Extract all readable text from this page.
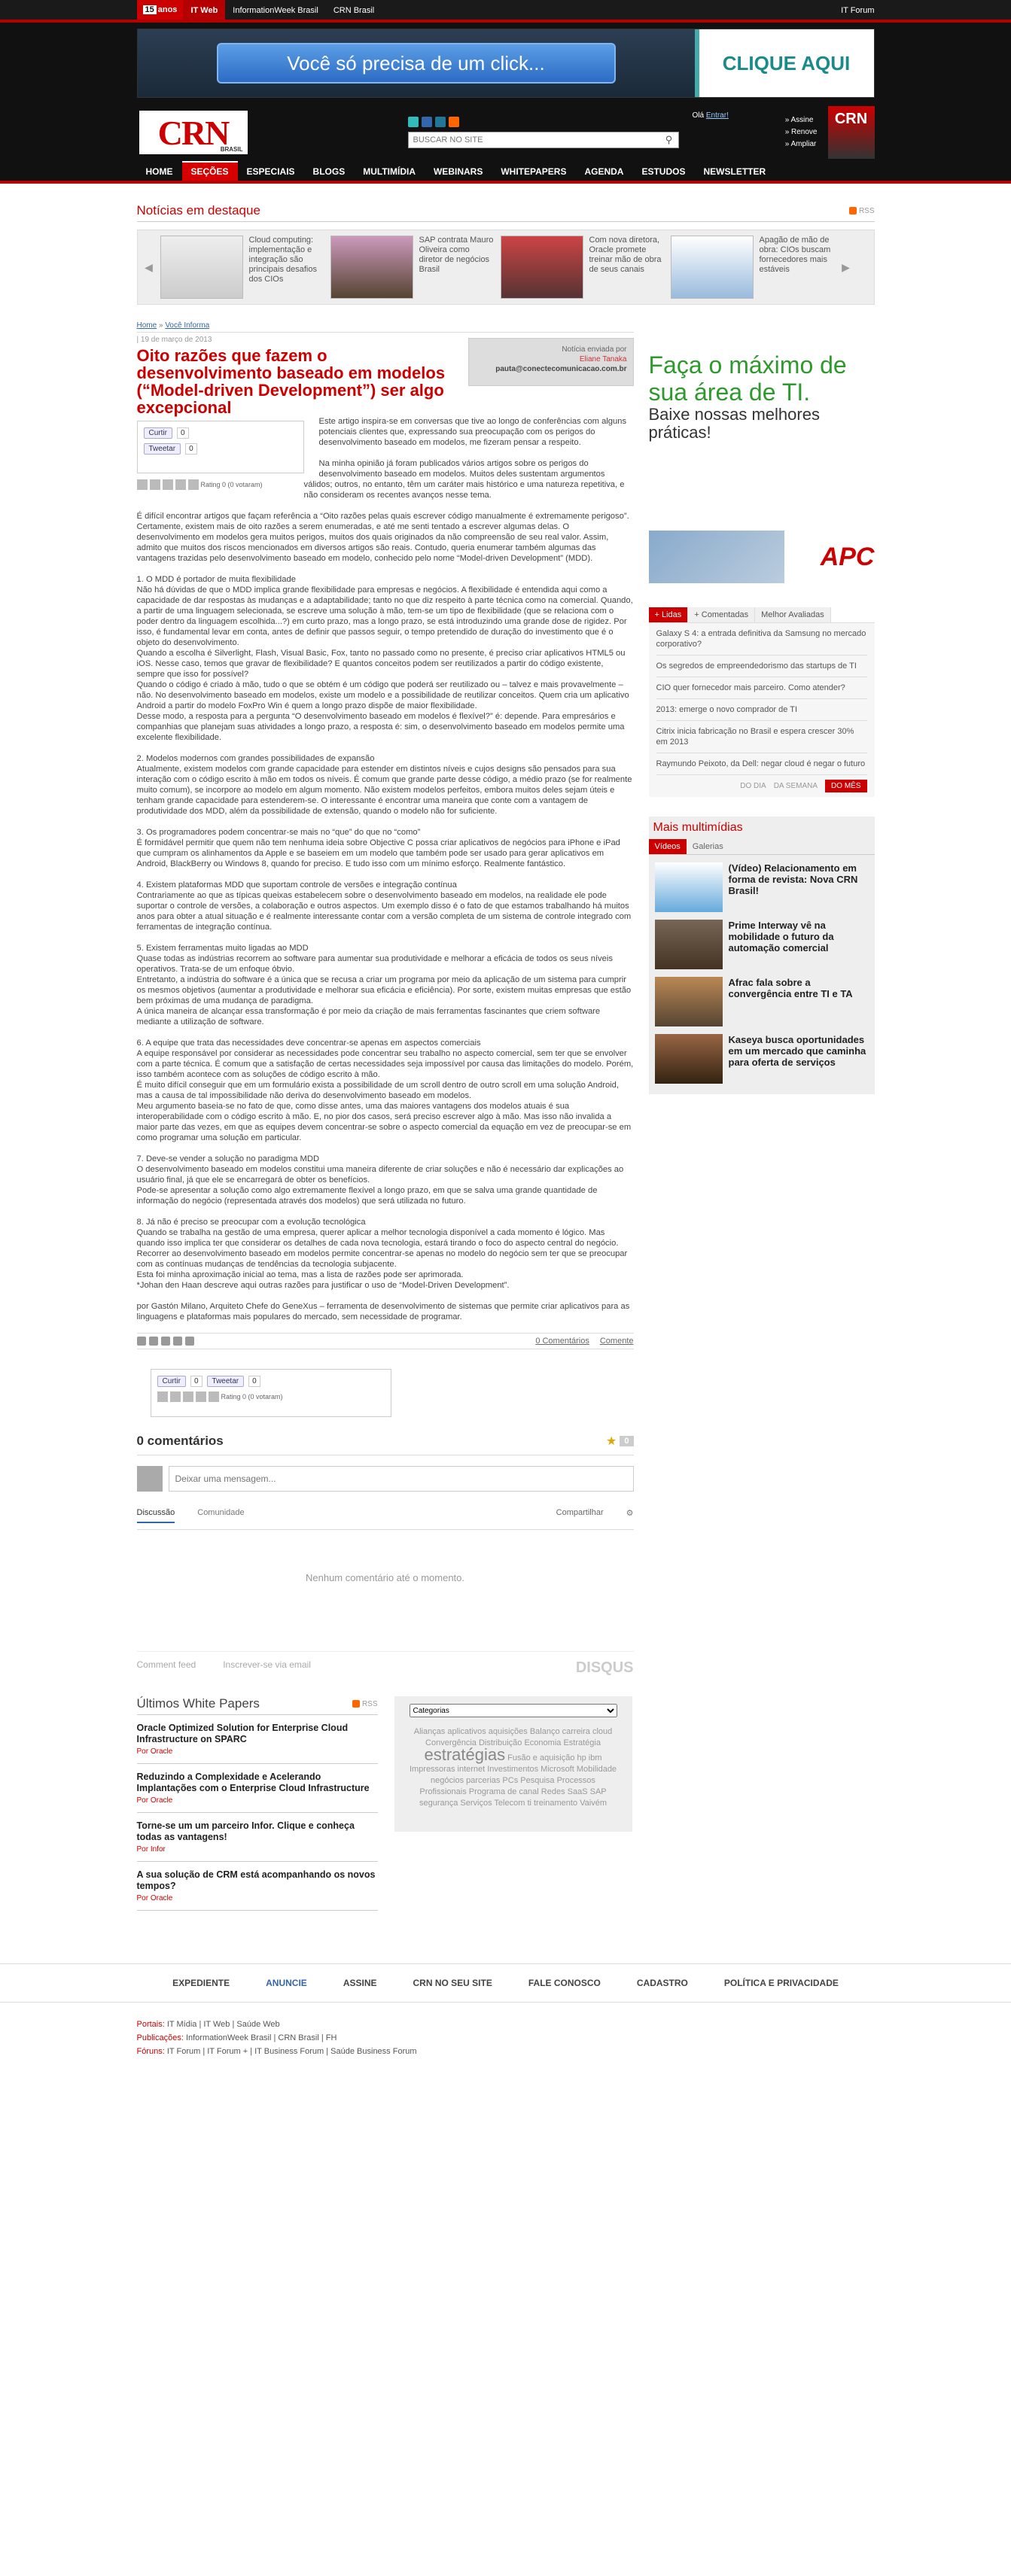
15 anos	IT Web	InformationWeek Brasil	CRN Brasil	IT Forum
Você só precisa de um click...	CLIQUE AQUI
CRN
BRASIL
BUSCAR NO SITE
⚲
Olá Entrar!
» Assine
» Renove
» Ampliar
CRN
HOME	SEÇÕES	ESPECIAIS	BLOGS	MULTIMÍDIA	WEBINARS	WHITEPAPERS	AGENDA	ESTUDOS	NEWSLETTER
Notícias em destaque	RSS
◀

Cloud computing: implementação e integração são principais desafios dos CIOs

SAP contrata Mauro Oliveira como diretor de negócios Brasil

Com nova diretora, Oracle promete treinar mão de obra de seus canais

Apagão de mão de obra: CIOs buscam fornecedores mais estáveis	▶
Home » Você Informa
| 19 de março de 2013
Oito razões que fazem o desenvolvimento baseado em modelos (“Model-driven Development”) ser algo excepcional
Notícia enviada por
Eliane Tanaka
pauta@conectecomunicacao.com.br
Curtir	0
Tweetar	0

Este artigo inspira-se em conversas que tive ao longo de conferências com alguns potenciais clientes que, expressando sua preocupação com os perigos do desenvolvimento baseado em modelos, me fizeram pensar a respeito.

Rating 0 (0 votaram)

Na minha opinião já foram publicados vários artigos sobre os perigos do desenvolvimento baseado em modelos. Muitos deles sustentam argumentos válidos; outros, no entanto, têm um caráter mais histórico e uma natureza repetitiva, e não consideram os recentes avanços nesse tema.

É difícil encontrar artigos que façam referência a “Oito razões pelas quais escrever código manualmente é extremamente perigoso”. Certamente, existem mais de oito razões a serem enumeradas, e até me senti tentado a escrever algumas delas. O desenvolvimento em modelos gera muitos perigos, muitos dos quais originados da não compreensão de seu real valor. Assim, admito que muitos dos riscos mencionados em diversos artigos são reais. Contudo, queria enumerar também algumas das vantagens trazidas pelo desenvolvimento baseado em modelo, conhecido pelo nome “Model-driven Development” (MDD).

1. O MDD é portador de muita flexibilidade
Não há dúvidas de que o MDD implica grande flexibilidade para empresas e negócios. A flexibilidade é entendida aqui como a capacidade de dar respostas às mudanças e a adaptabilidade; tanto no que diz respeito à parte técnica como na comercial. Quando, a partir de uma linguagem selecionada, se escreve uma solução à mão, tem-se um tipo de flexibilidade (que se relaciona com o poder dentro da linguagem escolhida...?) em curto prazo, mas a longo prazo, se está introduzindo uma grande dose de rigidez. Por isso, é fundamental levar em conta, antes de definir que passos seguir, o tempo pretendido de duração do investimento que é o objeto do desenvolvimento.
Quando a escolha é Silverlight, Flash, Visual Basic, Fox, tanto no passado como no presente, é preciso criar aplicativos HTML5 ou iOS. Nesse caso, temos que gravar de flexibilidade? E quantos conceitos podem ser reutilizados a partir do código existente, sempre que isso for possível?
Quando o código é criado à mão, tudo o que se obtém é um código que poderá ser reutilizado ou – talvez e mais provavelmente – não. No desenvolvimento baseado em modelos, existe um modelo e a possibilidade de reutilizar conceitos. Quem cria um aplicativo Android a partir do modelo FoxPro Win é quem a longo prazo dispõe de maior flexibilidade.
Desse modo, a resposta para a pergunta “O desenvolvimento baseado em modelos é flexível?” é: depende. Para empresários e companhias que planejam suas atividades a longo prazo, a resposta é: sim, o desenvolvimento baseado em modelos permite uma excelente flexibilidade.

2. Modelos modernos com grandes possibilidades de expansão
Atualmente, existem modelos com grande capacidade para estender em distintos níveis e cujos designs são pensados para sua interação com o código escrito à mão em todos os níveis. É comum que grande parte desse código, a médio prazo (se for realmente muito comum), se incorpore ao modelo em algum momento. Não existem modelos perfeitos, embora muitos deles sejam úteis e tenham grande capacidade para estenderem-se. O interessante é encontrar uma maneira que conte com a vantagem de produtividade dos MDD, além da possibilidade de extensão, quando o modelo não for suficiente.

3. Os programadores podem concentrar-se mais no “que” do que no “como”
É formidável permitir que quem não tem nenhuma ideia sobre Objective C possa criar aplicativos de negócios para iPhone e iPad que cumpram os alinhamentos da Apple e se baseiem em um modelo que também pode ser usado para gerar aplicativos em Android, BlackBerry ou Windows 8, quando for preciso. E tudo isso com um mínimo esforço. Realmente fantástico.

4. Existem plataformas MDD que suportam controle de versões e integração contínua
Contrariamente ao que as típicas queixas estabelecem sobre o desenvolvimento baseado em modelos, na realidade ele pode suportar o controle de versões, a colaboração e outros aspectos. Um exemplo disso é o fato de que estamos trabalhando há muitos anos para obter a atual situação e é realmente interessante contar com a versão completa de um sistema de controle integrado com ferramentas de integração contínua.

5. Existem ferramentas muito ligadas ao MDD
Quase todas as indústrias recorrem ao software para aumentar sua produtividade e melhorar a eficácia de todos os seus níveis operativos. Trata-se de um enfoque óbvio.
Entretanto, a indústria do software é a única que se recusa a criar um programa por meio da aplicação de um sistema para cumprir os mesmos objetivos (aumentar a produtividade e melhorar sua eficácia e eficiência). Por sorte, existem muitas empresas que estão bem próximas de uma mudança de paradigma.
A única maneira de alcançar essa transformação é por meio da criação de mais ferramentas fascinantes que criem software mediante a utilização de software.

6. A equipe que trata das necessidades deve concentrar-se apenas em aspectos comerciais
A equipe responsável por considerar as necessidades pode concentrar seu trabalho no aspecto comercial, sem ter que se envolver com a parte técnica. É comum que a satisfação de certas necessidades seja impossível por causa das limitações do modelo. Porém, isso também acontece com as soluções de código escrito à mão.
É muito difícil conseguir que em um formulário exista a possibilidade de um scroll dentro de outro scroll em uma solução Android, mas a causa de tal impossibilidade não deriva do desenvolvimento baseado em modelos.
Meu argumento baseia-se no fato de que, como disse antes, uma das maiores vantagens dos modelos atuais é sua interoperabilidade com o código escrito à mão. E, no pior dos casos, será preciso escrever algo à mão. Mas isso não invalida a maior parte das vezes, em que as equipes devem concentrar-se sobre o aspecto comercial da equação em vez de preocupar-se em como programar uma solução em particular.

7. Deve-se vender a solução no paradigma MDD
O desenvolvimento baseado em modelos constitui uma maneira diferente de criar soluções e não é necessário dar explicações ao usuário final, já que ele se encarregará de obter os benefícios.
Pode-se apresentar a solução como algo extremamente flexível a longo prazo, em que se salva uma grande quantidade de informação do negócio (representada através dos modelos) que será utilizada no futuro.

8. Já não é preciso se preocupar com a evolução tecnológica
Quando se trabalha na gestão de uma empresa, querer aplicar a melhor tecnologia disponível a cada momento é lógico. Mas quando isso implica ter que considerar os detalhes de cada nova tecnologia, estará tirando o foco do aspecto central do negócio.
Recorrer ao desenvolvimento baseado em modelos permite concentrar-se apenas no modelo do negócio sem ter que se preocupar com as contínuas mudanças de tendências da tecnologia subjacente.
Esta foi minha aproximação inicial ao tema, mas a lista de razões pode ser aprimorada.
*Johan den Haan descreve aqui outras razões para justificar o uso de “Model-Driven Development”.

por Gastón Milano, Arquiteto Chefe do GeneXus – ferramenta de desenvolvimento de sistemas que permite criar aplicativos para as linguagens e plataformas mais populares do mercado, sem necessidade de programar.

0 Comentários Comente
Curtir	0	Tweetar	0
Rating 0 (0 votaram)
0 comentários	★ 0
Deixar uma mensagem...
Discussão	Comunidade	Compartilhar	⚙
Nenhum comentário até o momento.
Comment feed	Inscrever-se via email	DISQUS
Últimos White Papers	RSS
Oracle Optimized Solution for Enterprise Cloud Infrastructure on SPARC
Por Oracle
Reduzindo a Complexidade e Acelerando Implantações com o Enterprise Cloud Infrastructure
Por Oracle
Torne-se um um parceiro Infor. Clique e conheça todas as vantagens!
Por Infor
A sua solução de CRM está acompanhando os novos tempos?
Por Oracle
Categorias

Alianças aplicativos aquisições Balanço carreira cloud Convergência Distribuição Economia Estratégia estratégias Fusão e aquisição hp ibm Impressoras internet Investimentos Microsoft Mobilidade negócios parcerias PCs Pesquisa Processos Profissionais Programa de canal Redes SaaS SAP segurança Serviços Telecom ti treinamento Vaivém

Faça o máximo de sua área de TI.

Baixe nossas melhores práticas!

APC
+ Lidas	+ Comentadas	Melhor Avaliadas
Galaxy S 4: a entrada definitiva da Samsung no mercado corporativo?
Os segredos de empreendedorismo das startups de TI
CIO quer fornecedor mais parceiro. Como atender?
2013: emerge o novo comprador de TI
Citrix inicia fabricação no Brasil e espera crescer 30% em 2013
Raymundo Peixoto, da Dell: negar cloud é negar o futuro
DO DIA DA SEMANA	DO MÊS
Mais multimídias
Vídeos	Galerias

(Vídeo) Relacionamento em forma de revista: Nova CRN Brasil!

Prime Interway vê na mobilidade o futuro da automação comercial

Afrac fala sobre a convergência entre TI e TA

Kaseya busca oportunidades em um mercado que caminha para oferta de serviços

EXPEDIENTE	ANUNCIE	ASSINE	CRN NO SEU SITE	FALE CONOSCO	CADASTRO	POLÍTICA E PRIVACIDADE

Portais: IT Mídia | IT Web | Saúde Web

Publicações: InformationWeek Brasil | CRN Brasil | FH

Fóruns: IT Forum | IT Forum + | IT Business Forum | Saúde Business Forum
